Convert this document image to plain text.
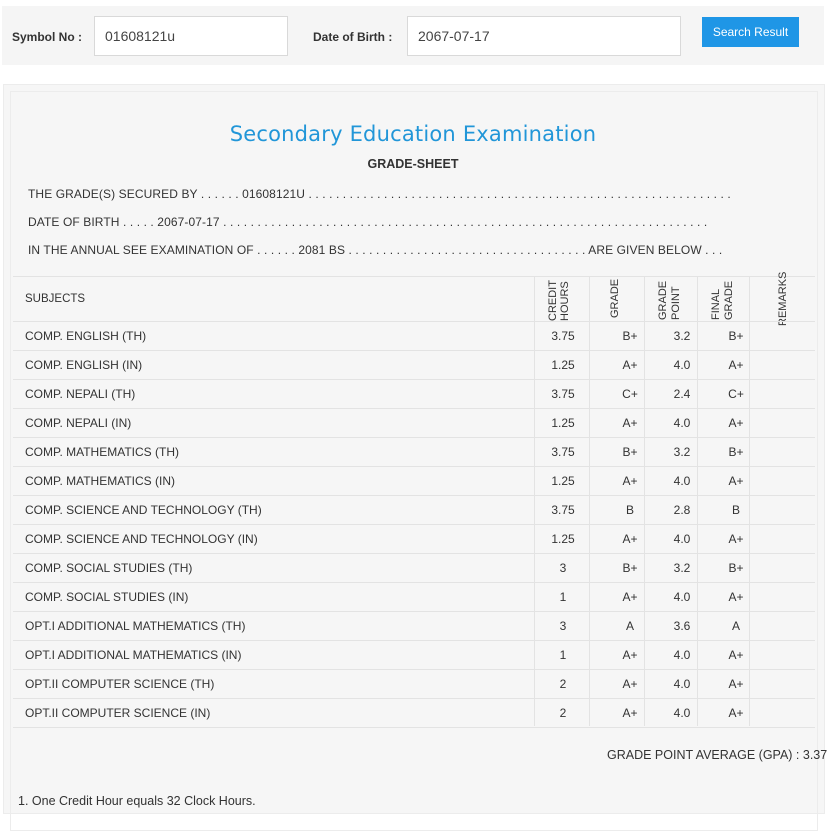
Symbol No :
01608121u	Date of Birth :
2067-07-17	Search Result
Secondary Education Examination
GRADE-SHEET
THE GRADE(S) SECURED BY . . . . . . 01608121U . . . . . . . . . . . . . . . . . . . . . . . . . . . . . . . . . . . . . . . . . . . . . . . . . . . . . . . . . . . . . .
DATE OF BIRTH . . . . . 2067-07-17 . . . . . . . . . . . . . . . . . . . . . . . . . . . . . . . . . . . . . . . . . . . . . . . . . . . . . . . . . . . . . . . . . . . . . . .
IN THE ANNUAL SEE EXAMINATION OF . . . . . . 2081 BS . . . . . . . . . . . . . . . . . . . . . . . . . . . . . . . . . . . ARE GIVEN BELOW . . .
SUBJECTS	CREDIT HOURS	GRADE	GRADE POINT	FINAL GRADE	REMARKS
COMP. ENGLISH (TH)	3.75	B+	3.2	B+
COMP. ENGLISH (IN)	1.25	A+	4.0	A+
COMP. NEPALI (TH)	3.75	C+	2.4	C+
COMP. NEPALI (IN)	1.25	A+	4.0	A+
COMP. MATHEMATICS (TH)	3.75	B+	3.2	B+
COMP. MATHEMATICS (IN)	1.25	A+	4.0	A+
COMP. SCIENCE AND TECHNOLOGY (TH)	3.75	B	2.8	B
COMP. SCIENCE AND TECHNOLOGY (IN)	1.25	A+	4.0	A+
COMP. SOCIAL STUDIES (TH)	3	B+	3.2	B+
COMP. SOCIAL STUDIES (IN)	1	A+	4.0	A+
OPT.I ADDITIONAL MATHEMATICS (TH)	3	A	3.6	A
OPT.I ADDITIONAL MATHEMATICS (IN)	1	A+	4.0	A+
OPT.II COMPUTER SCIENCE (TH)	2	A+	4.0	A+
OPT.II COMPUTER SCIENCE (IN)	2	A+	4.0	A+
GRADE POINT AVERAGE (GPA) : 3.37
1. One Credit Hour equals 32 Clock Hours.
